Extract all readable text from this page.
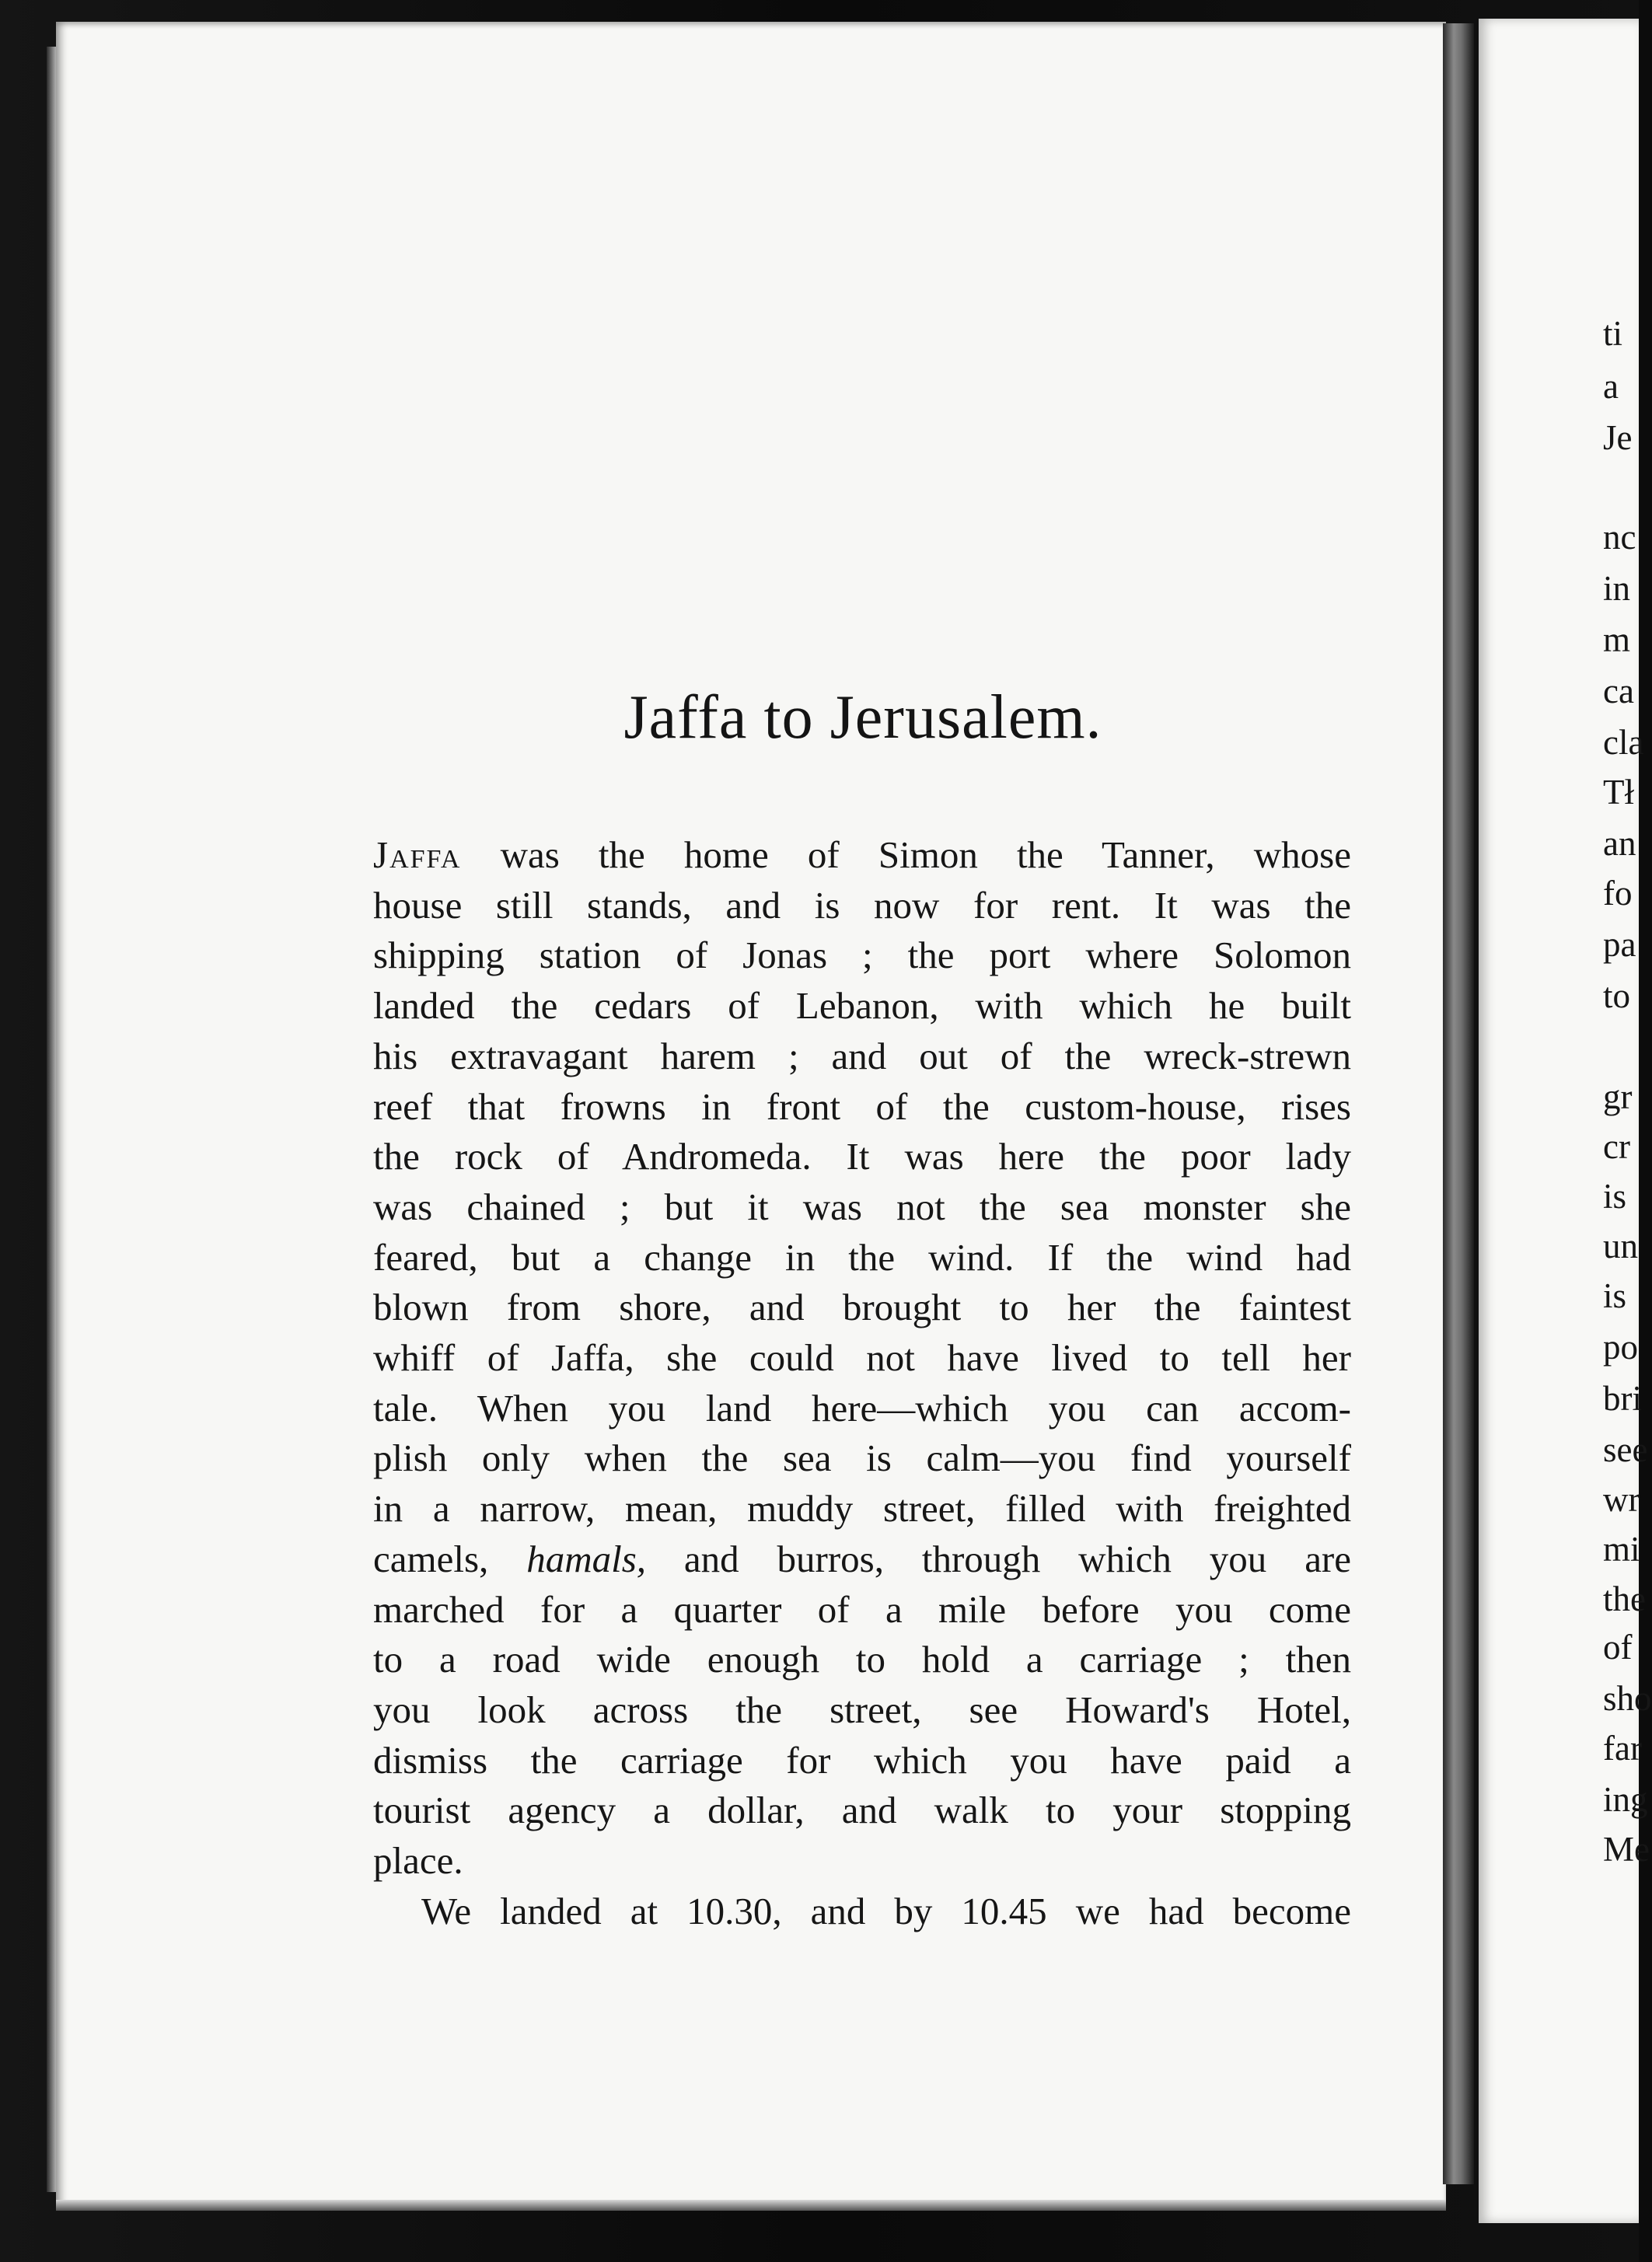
Jaffa to Jerusalem.
Jaffa was the home of Simon the Tanner, whose
house still stands, and is now for rent. It was the
shipping station of Jonas ; the port where Solomon
landed the cedars of Lebanon, with which he built
his extravagant harem ; and out of the wreck-strewn
reef that frowns in front of the custom-house, rises
the rock of Andromeda. It was here the poor lady
was chained ; but it was not the sea monster she
feared, but a change in the wind. If the wind had
blown from shore, and brought to her the faintest
whiff of Jaffa, she could not have lived to tell her
tale. When you land here—which you can accom-
plish only when the sea is calm—you find yourself
in a narrow, mean, muddy street, filled with freighted
camels, hamals, and burros, through which you are
marched for a quarter of a mile before you come
to a road wide enough to hold a carriage ; then
you look across the street, see Howard's Hotel,
dismiss the carriage for which you have paid a
tourist agency a dollar, and walk to your stopping
place.
We landed at 10.30, and by 10.45 we had become
ti
a
Je
nc
in
m
ca
cla
Tł
an
fo
pa
to
gr
cr
is
un
is
po
bri
see
wr
mi
the
of
sho
far
ing
Me
